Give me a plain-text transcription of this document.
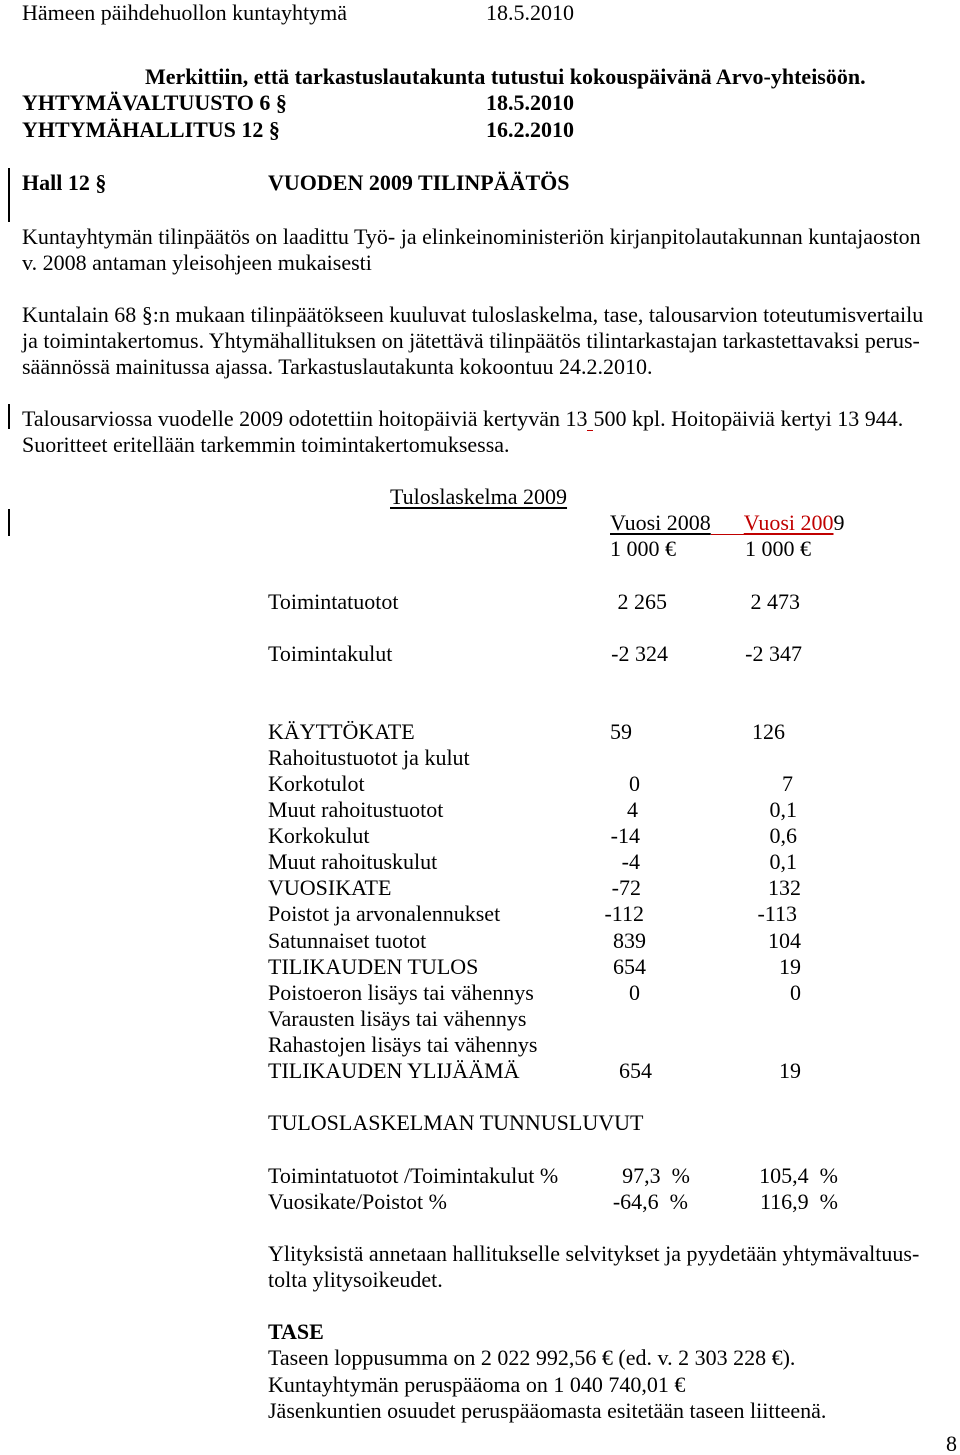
Hämeen päihdehuollon kuntayhtymä	18.5.2010
Merkittiin, että tarkastuslautakunta tutustui kokouspäivänä Arvo-yhteisöön.
YHTYMÄVALTUUSTO 6 §	18.5.2010
YHTYMÄHALLITUS 12 §	16.2.2010
Hall 12 §	VUODEN 2009 TILINPÄÄTÖS
Kuntayhtymän tilinpäätös on laadittu Työ- ja elinkeinoministeriön kirjanpitolautakunnan kuntajaoston
v. 2008 antaman yleisohjeen mukaisesti
Kuntalain 68 §:n mukaan tilinpäätökseen kuuluvat tuloslaskelma, tase, talousarvion toteutumisvertailu
ja toimintakertomus. Yhtymähallituksen on jätettävä tilinpäätös tilintarkastajan tarkastettavaksi perus-
säännössä mainitussa ajassa. Tarkastuslautakunta kokoontuu 24.2.2010.
Talousarviossa vuodelle 2009 odotettiin hoitopäiviä kertyvän 13 500 kpl. Hoitopäiviä kertyi 13 944.
Suoritteet eritellään tarkemmin toimintakertomuksessa.
Tuloslaskelma 2009
Vuosi 2008 Vuosi 2009
1 000 €	1 000 €
Toimintatuotot	2 265	2 473
Toimintakulut	-2 324	-2 347
KÄYTTÖKATE	59	126
Rahoitustuotot ja kulut
Korkotulot	0	7
Muut rahoitustuotot	4	0,1
Korkokulut	-14	0,6
Muut rahoituskulut	-4	0,1
VUOSIKATE	-72	132
Poistot ja arvonalennukset	-112	-113
Satunnaiset tuotot	839	104
TILIKAUDEN TULOS	654	19
Poistoeron lisäys tai vähennys	0	0
Varausten lisäys tai vähennys
Rahastojen lisäys tai vähennys
TILIKAUDEN YLIJÄÄMÄ	654	19
TULOSLASKELMAN TUNNUSLUVUT
Toimintatuotot /Toimintakulut %	97,3  %	105,4  %
Vuosikate/Poistot %	-64,6  %	116,9  %
Ylityksistä annetaan hallitukselle selvitykset ja pyydetään yhtymävaltuus-
tolta ylitysoikeudet.
TASE
Taseen loppusumma on 2 022 992,56 € (ed. v. 2 303 228 €).
Kuntayhtymän peruspääoma on 1 040 740,01 €
Jäsenkuntien osuudet peruspääomasta esitetään taseen liitteenä.
8
